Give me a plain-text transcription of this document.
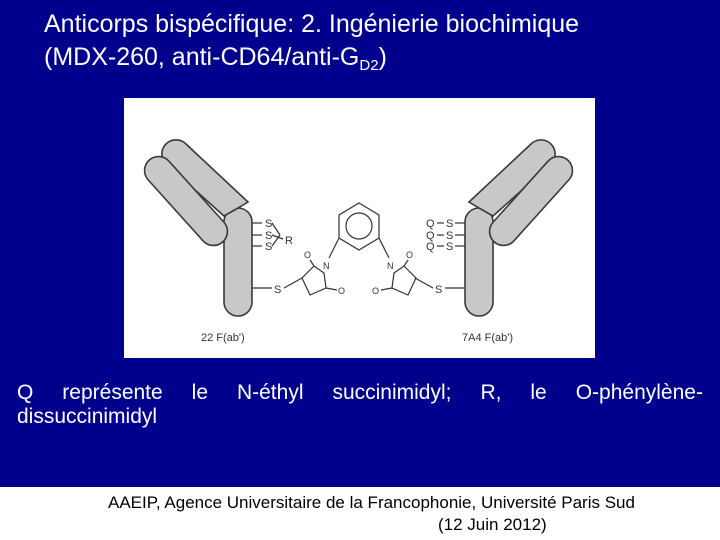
Anticorps bispécifique: 2. Ingénierie biochimique
(MDX-260, anti-$CD64/anti-G_{D2}$)
S
S
S R
S
S
S
S
Q
Q
Q
S
N
O
O
N
O
O
22 F(ab')	7A4 F(ab')
Q représente le N-éthyl succinimidyl; R, le O-phénylène-
dissuccinimidyl
AAEIP, Agence Universitaire de la Francophonie, Université Paris Sud
(12 Juin 2012)
